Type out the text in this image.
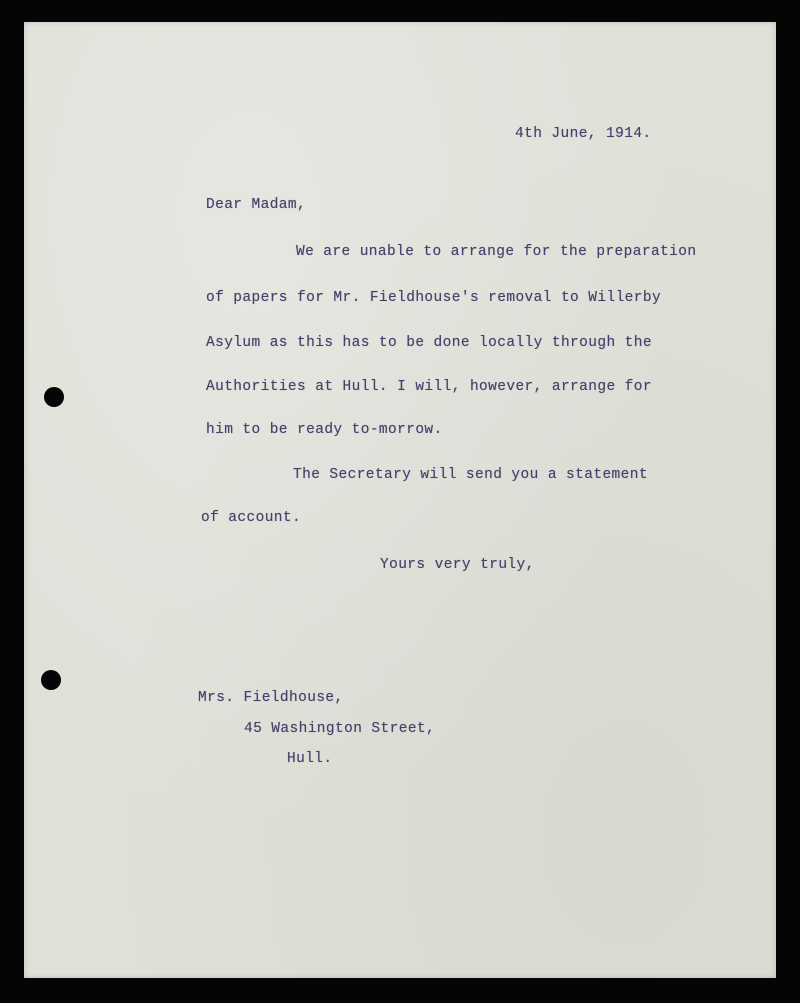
4th June, 1914.
Dear Madam,
We are unable to arrange for the preparation
of papers for Mr. Fieldhouse's removal to Willerby
Asylum as this has to be done locally through the
Authorities at Hull. I will, however, arrange for
him to be ready to-morrow.
The Secretary will send you a statement
of account.
Yours very truly,
Mrs. Fieldhouse,
45 Washington Street,
Hull.
